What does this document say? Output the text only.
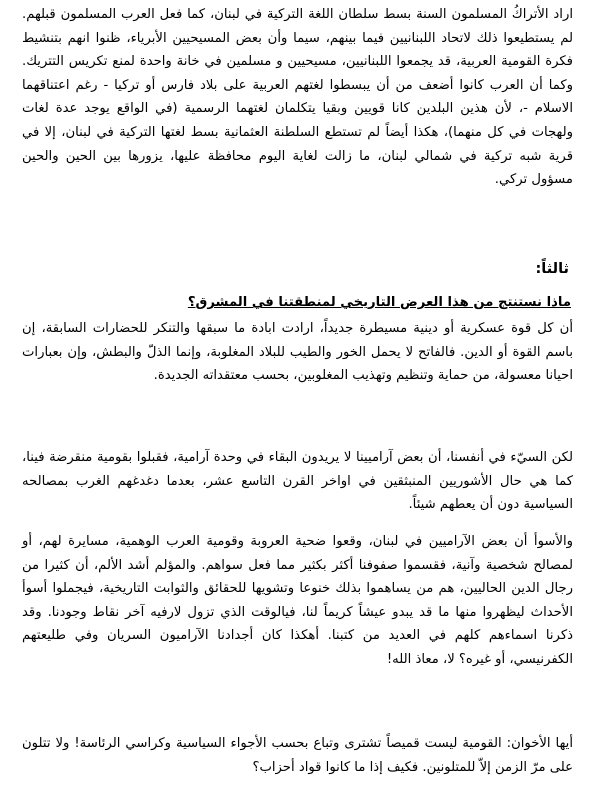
اراد الأتراكُ المسلمون السنة بسط سلطان اللغة التركية في لبنان، كما فعل العرب المسلمون قبلهم. لم يستطيعوا ذلك لاتحاد اللبنانيين فيما بينهم، سيما وأن بعض المسيحيين الأبرياء، ظنوا انهم بتنشيط فكرة القومية العربية، قد يجمعوا اللبنانيين، مسيحيين و مسلمين في خانة واحدة لمنع تكريس التتريك. وكما أن العرب كانوا أضعف من أن يبسطوا لغتهم العربية على بلاد فارس أو تركيا - رغم اعتناقهما الاسلام -، لأن هذين البلدين كانا قويين وبقيا يتكلمان لغتهما الرسمية (في الواقع يوجد عدة لغات ولهجات في كل منهما)، هكذا أيضاً لم تستطع السلطنة العثمانية بسط لغتها التركية في لبنان، إلا في قرية شبه تركية في شمالي لبنان، ما زالت لغاية اليوم محافظة عليها، يزورها بين الحين والحين مسؤول تركي.

ثالثاً:

ماذا نستنتج من هذا العرض التاريخي لمنطقتنا في المشرق؟

أن كل قوة عسكرية أو دينية مسيطرة جديداً، ارادت ابادة ما سبقها والتنكر للحضارات السابقة، إن باسم القوة أو الدين. فالفاتح لا يحمل الخور والطيب للبلاد المغلوبة، وإنما الذلّ والبطش، وإن بعبارات احيانا معسولة، من حماية وتنظيم وتهذيب المغلوبين، بحسب معتقداته الجديدة.

لكن السيّء في أنفسنا، أن بعض آراميينا لا يريدون البقاء في وحدة آرامية، فقبلوا بقومية منقرضة فينا، كما هي حال الأشوريين المنبثقين في اواخر القرن التاسع عشر، بعدما دغدغهم الغرب بمصالحه السياسية دون أن يعطهم شيئاً.

والأسوأ أن بعض الآراميين في لبنان، وقعوا ضحية العروبة وقومية العرب الوهمية، مسايرة لهم، أو لمصالح شخصية وآنية، فقسموا صفوفنا أكثر بكثير مما فعل سواهم. والمؤلم أشد الألم، أن كثيرا من رجال الدين الحاليين، هم من يساهموا بذلك خنوعا وتشويها للحقائق والثوابت التاريخية، فيجملوا أسوأ الأحداث ليظهروا منها ما قد يبدو عيشاً كريماً لنا، فيالوقت الذي تزول لارفيه آخر نقاط وجودنا. وقد ذكرنا اسماءهم كلهم في العديد من كتبنا. أهكذا كان أجدادنا الآراميون السريان وفي طليعتهم الكفرنيسي، أو غيره؟ لا، معاذ الله!

أيها الأخوان: القومية ليست قميصاً تشترى وتباع بحسب الأجواء السياسية وكراسي الرئاسة! ولا تتلون على مرّ الزمن إلاّ للمتلونين. فكيف إذا ما كانوا قواد أحزاب؟
